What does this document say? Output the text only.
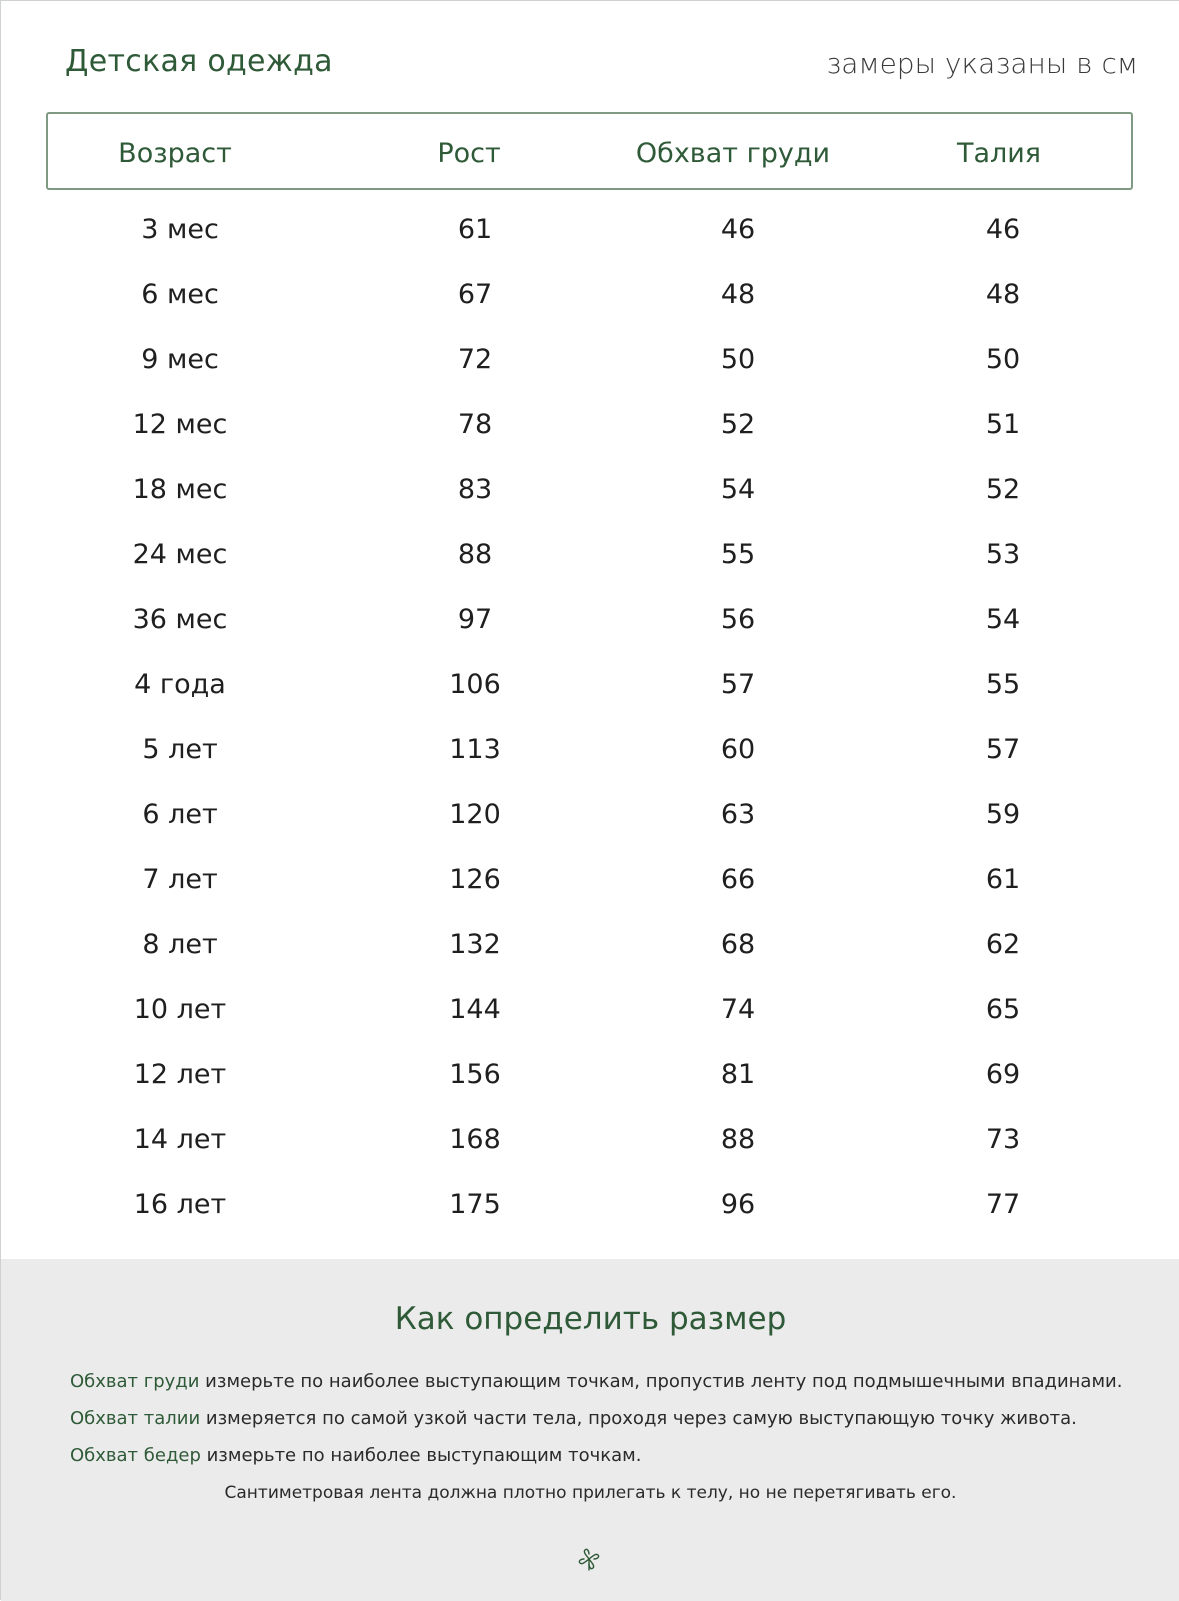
Детская одежда	замеры указаны в см
Возраст	Рост	Обхват груди	Талия
3 мес	61	46	46
6 мес	67	48	48
9 мес	72	50	50
12 мес	78	52	51
18 мес	83	54	52
24 мес	88	55	53
36 мес	97	56	54
4 года	106	57	55
5 лет	113	60	57
6 лет	120	63	59
7 лет	126	66	61
8 лет	132	68	62
10 лет	144	74	65
12 лет	156	81	69
14 лет	168	88	73
16 лет	175	96	77
Как определить размер
Обхват груди измерьте по наиболее выступающим точкам, пропустив ленту под подмышечными впадинами.
Обхват талии измеряется по самой узкой части тела, проходя через самую выступающую точку живота.
Обхват бедер измерьте по наиболее выступающим точкам.
Сантиметровая лента должна плотно прилегать к телу, но не перетягивать его.
